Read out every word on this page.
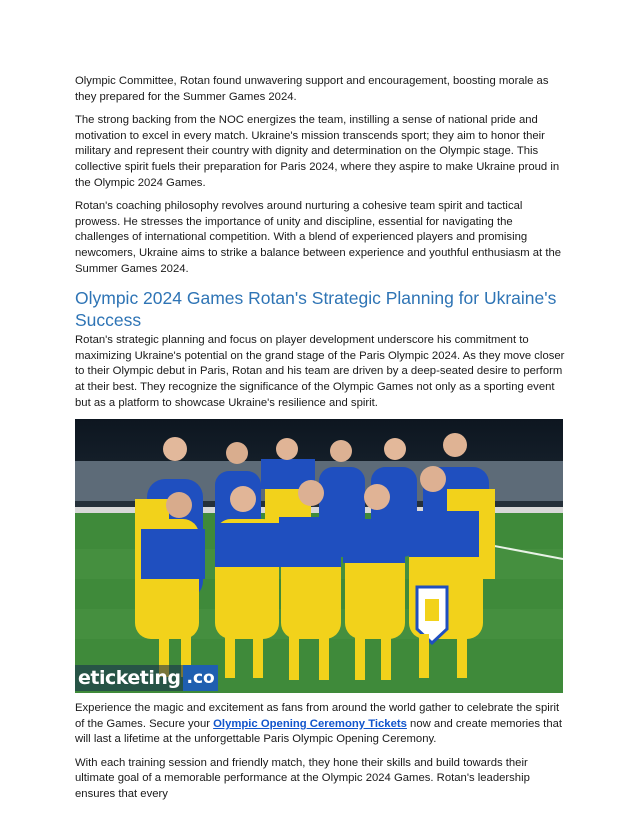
Olympic Committee, Rotan found unwavering support and encouragement, boosting morale as they prepared for the Summer Games 2024.

The strong backing from the NOC energizes the team, instilling a sense of national pride and motivation to excel in every match. Ukraine's mission transcends sport; they aim to honor their military and represent their country with dignity and determination on the Olympic stage. This collective spirit fuels their preparation for Paris 2024, where they aspire to make Ukraine proud in the Olympic 2024 Games.

Rotan's coaching philosophy revolves around nurturing a cohesive team spirit and tactical prowess. He stresses the importance of unity and discipline, essential for navigating the challenges of international competition. With a blend of experienced players and promising newcomers, Ukraine aims to strike a balance between experience and youthful enthusiasm at the Summer Games 2024.

Olympic 2024 Games Rotan's Strategic Planning for Ukraine's Success

Rotan's strategic planning and focus on player development underscore his commitment to maximizing Ukraine's potential on the grand stage of the Paris Olympic 2024. As they move closer to their Olympic debut in Paris, Rotan and his team are driven by a deep-seated desire to perform at their best. They recognize the significance of the Olympic Games not only as a sporting event but as a platform to showcase Ukraine's resilience and spirit.

eticketing .co

Experience the magic and excitement as fans from around the world gather to celebrate the spirit of the Games. Secure your Olympic Opening Ceremony Tickets now and create memories that will last a lifetime at the unforgettable Paris Olympic Opening Ceremony.

With each training session and friendly match, they hone their skills and build towards their ultimate goal of a memorable performance at the Olympic 2024 Games. Rotan's leadership ensures that every
